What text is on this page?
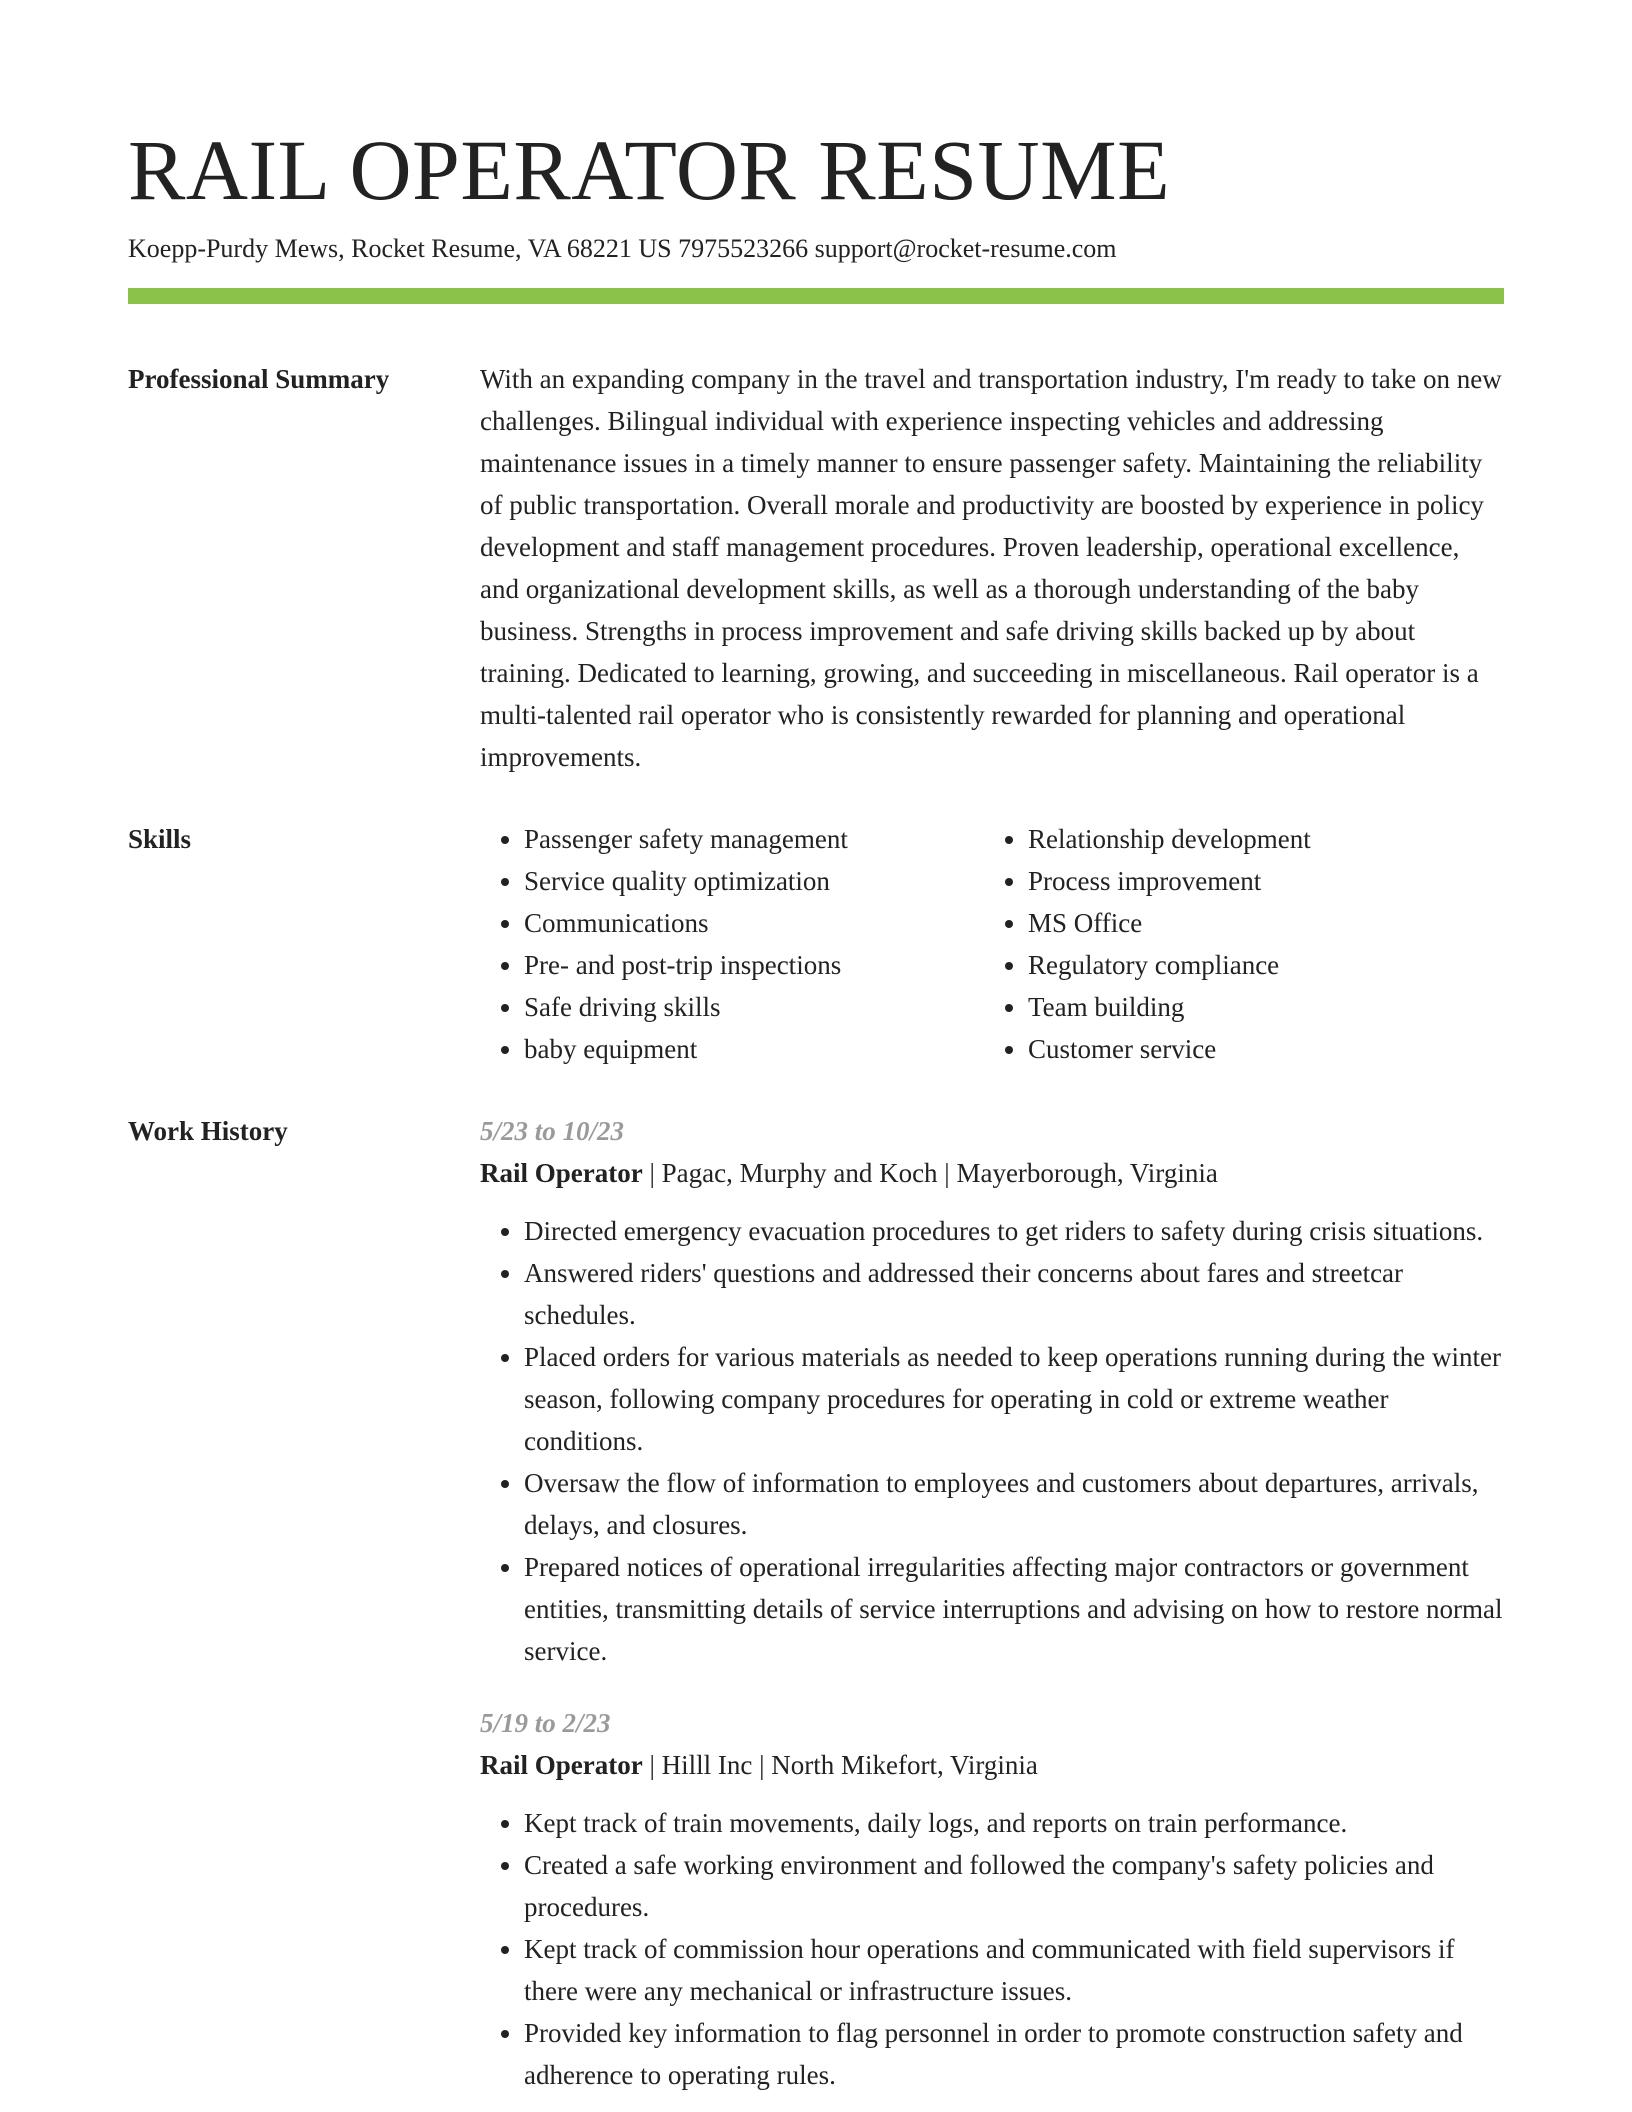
RAIL OPERATOR RESUME
Koepp-Purdy Mews, Rocket Resume, VA 68221 US 7975523266 support@rocket-resume.com
Professional Summary	With an expanding company in the travel and transportation industry, I'm ready to take on new challenges. Bilingual individual with experience inspecting vehicles and addressing maintenance issues in a timely manner to ensure passenger safety. Maintaining the reliability of public transportation. Overall morale and productivity are boosted by experience in policy development and staff management procedures. Proven leadership, operational excellence, and organizational development skills, as well as a thorough understanding of the baby business. Strengths in process improvement and safe driving skills backed up by about training. Dedicated to learning, growing, and succeeding in miscellaneous. Rail operator is a multi-talented rail operator who is consistently rewarded for planning and operational improvements.

Skills
•	Passenger safety management
• Service quality optimization
• Communications
• Pre- and post-trip inspections
• Safe driving skills
• baby equipment
• Relationship development
• Process improvement
• MS Office
• Regulatory compliance
• Team building
• Customer service
Work History	5/23 to 10/23
Rail Operator | Pagac, Murphy and Koch | Mayerborough, Virginia
• Directed emergency evacuation procedures to get riders to safety during crisis situations.
• Answered riders' questions and addressed their concerns about fares and streetcar schedules.
• Placed orders for various materials as needed to keep operations running during the winter season, following company procedures for operating in cold or extreme weather conditions.
• Oversaw the flow of information to employees and customers about departures, arrivals, delays, and closures.
• Prepared notices of operational irregularities affecting major contractors or government entities, transmitting details of service interruptions and advising on how to restore normal service.
5/19 to 2/23
Rail Operator | Hilll Inc | North Mikefort, Virginia
• Kept track of train movements, daily logs, and reports on train performance.
• Created a safe working environment and followed the company's safety policies and procedures.
• Kept track of commission hour operations and communicated with field supervisors if there were any mechanical or infrastructure issues.
• Provided key information to flag personnel in order to promote construction safety and adherence to operating rules.
